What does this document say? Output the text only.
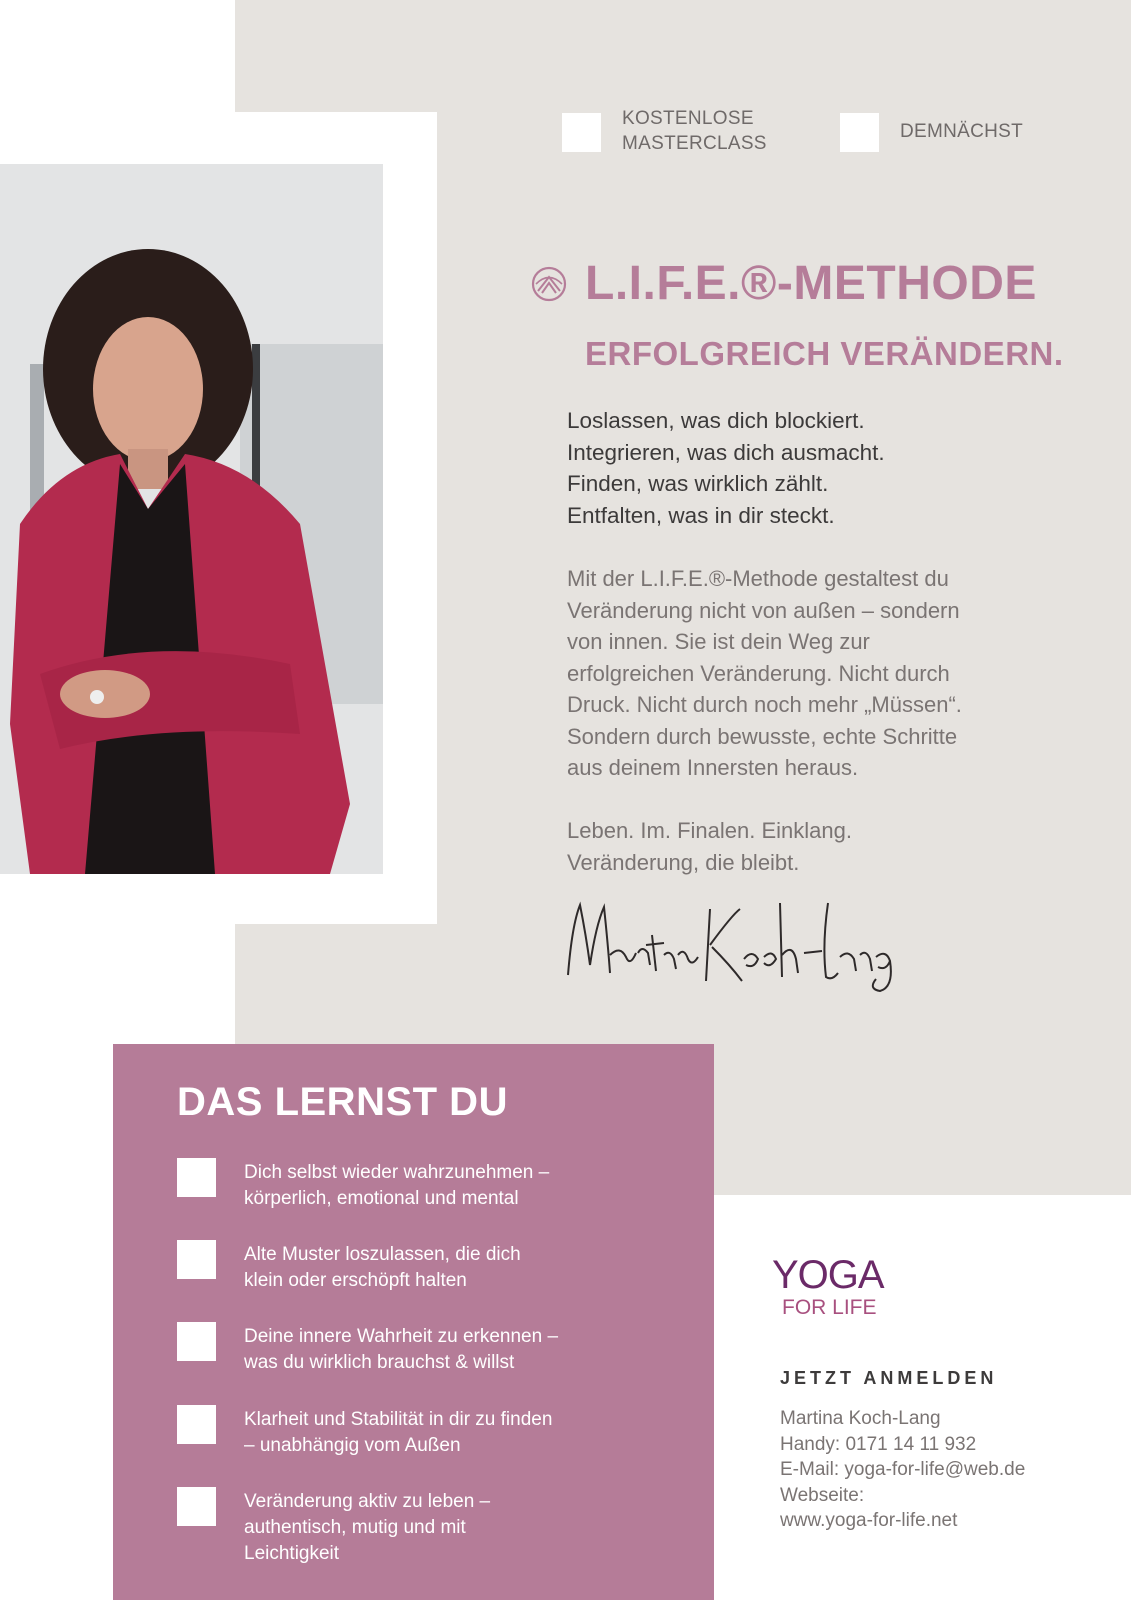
KOSTENLOSE
MASTERCLASS
DEMNÄCHST
L.I.F.E.®-METHODE
ERFOLGREICH VERÄNDERN.
Loslassen, was dich blockiert.
Integrieren, was dich ausmacht.
Finden, was wirklich zählt.
Entfalten, was in dir steckt.
Mit der L.I.F.E.®-Methode gestaltest du
Veränderung nicht von außen – sondern
von innen. Sie ist dein Weg zur
erfolgreichen Veränderung. Nicht durch
Druck. Nicht durch noch mehr „Müssen“.
Sondern durch bewusste, echte Schritte
aus deinem Innersten heraus.
Leben. Im. Finalen. Einklang.
Veränderung, die bleibt.
DAS LERNST DU
Dich selbst wieder wahrzunehmen –
körperlich, emotional und mental
Alte Muster loszulassen, die dich
klein oder erschöpft halten
Deine innere Wahrheit zu erkennen –
was du wirklich brauchst & willst
Klarheit und Stabilität in dir zu finden
– unabhängig vom Außen
Veränderung aktiv zu leben –
authentisch, mutig und mit
Leichtigkeit
YOGA
FOR LIFE
JETZT ANMELDEN
Martina Koch-Lang
Handy: 0171 14 11 932
E-Mail: yoga-for-life@web.de
Webseite:
www.yoga-for-life.net
